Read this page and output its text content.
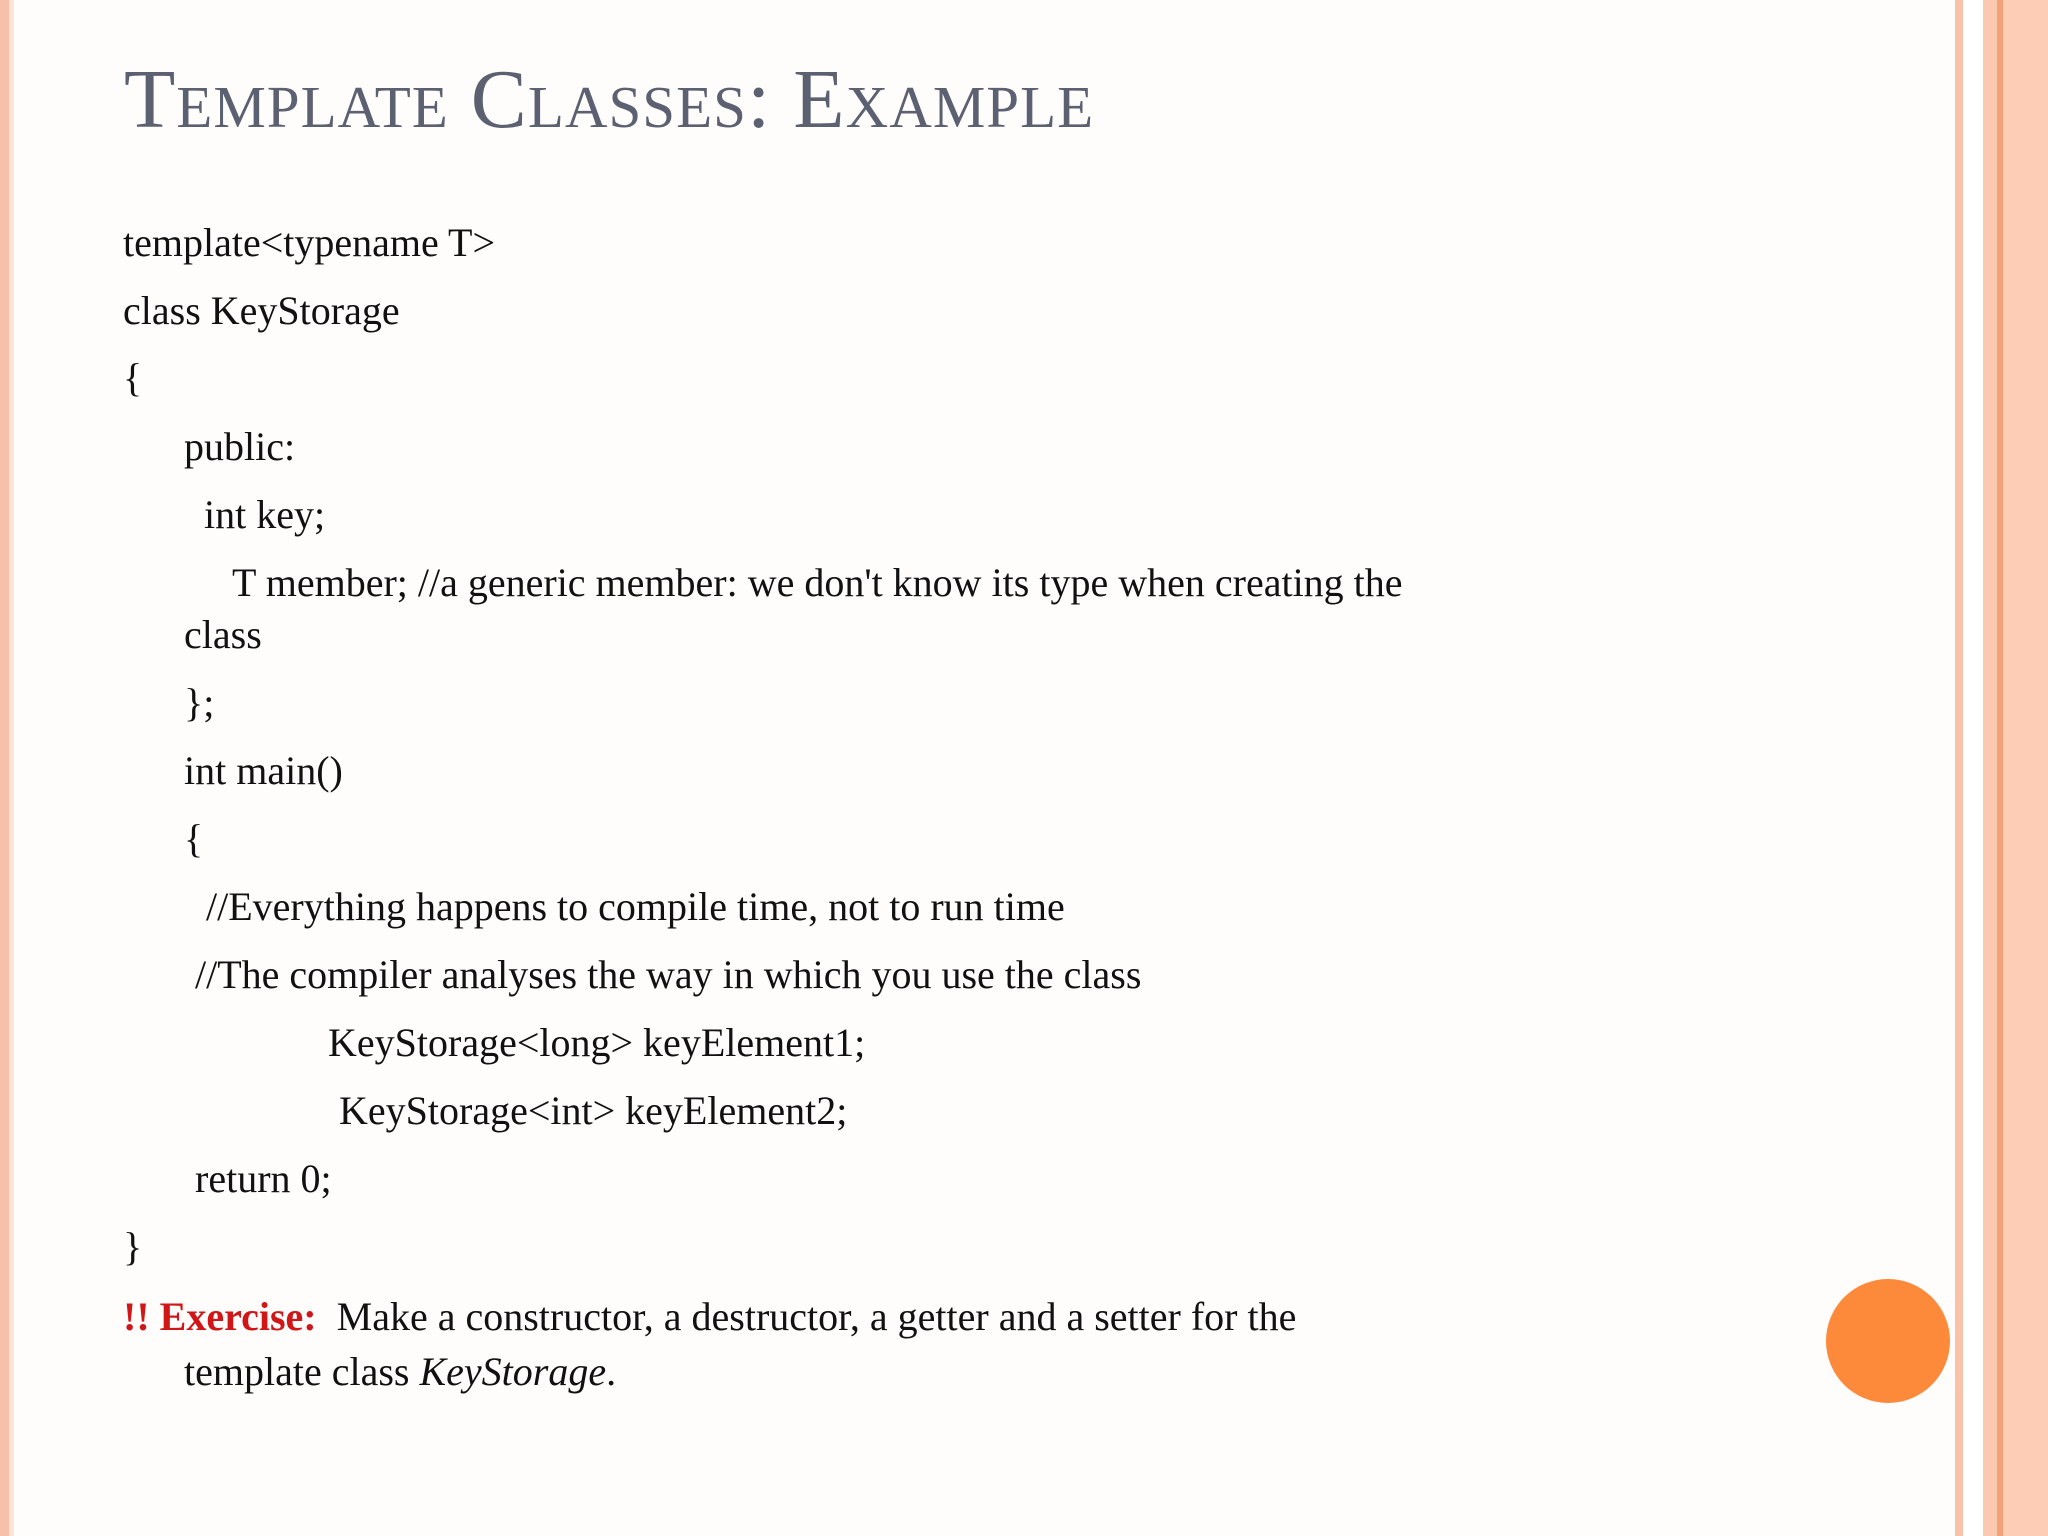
Template Classes: Example

template<typename T>

class KeyStorage

{

public:

int key;

T member; //a generic member: we don't know its type when creating the

class

};

int main()

{

//Everything happens to compile time, not to run time

//The compiler analyses the way in which you use the class

KeyStorage<long> keyElement1;

KeyStorage<int> keyElement2;

return 0;

}

!! Exercise: Make a constructor, a destructor, a getter and a setter for the

template class KeyStorage.
